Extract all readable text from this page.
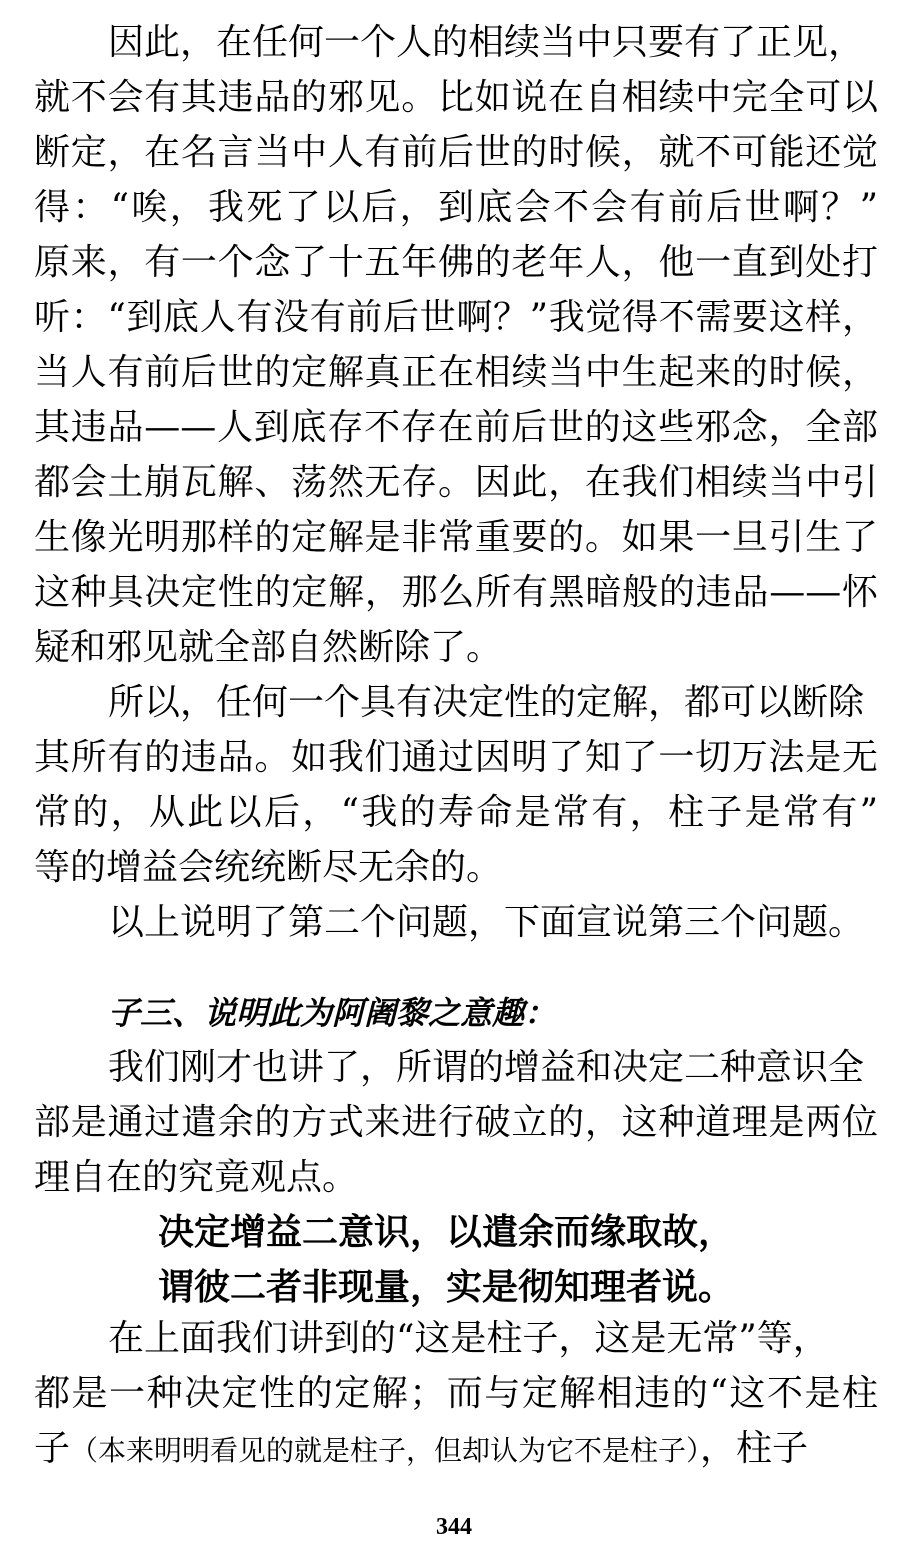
因此，在任何一个人的相续当中只要有了正见，
就不会有其违品的邪见。比如说在自相续中完全可以
断定，在名言当中人有前后世的时候，就不可能还觉
得：“唉，我死了以后，到底会不会有前后世啊？”
原来，有一个念了十五年佛的老年人，他一直到处打
听：“到底人有没有前后世啊？”我觉得不需要这样，
当人有前后世的定解真正在相续当中生起来的时候，
其违品——人到底存不存在前后世的这些邪念，全部
都会土崩瓦解、荡然无存。因此，在我们相续当中引
生像光明那样的定解是非常重要的。如果一旦引生了
这种具决定性的定解，那么所有黑暗般的违品——怀
疑和邪见就全部自然断除了。
所以，任何一个具有决定性的定解，都可以断除
其所有的违品。如我们通过因明了知了一切万法是无
常的，从此以后，“我的寿命是常有，柱子是常有”
等的增益会统统断尽无余的。
以上说明了第二个问题，下面宣说第三个问题。
子三、说明此为阿阇黎之意趣：
我们刚才也讲了，所谓的增益和决定二种意识全
部是通过遣余的方式来进行破立的，这种道理是两位
理自在的究竟观点。
决定增益二意识，以遣余而缘取故，
谓彼二者非现量，实是彻知理者说。
在上面我们讲到的“这是柱子，这是无常”等，
都是一种决定性的定解；而与定解相违的“这不是柱
子（本来明明看见的就是柱子，但却认为它不是柱子），柱子
344
